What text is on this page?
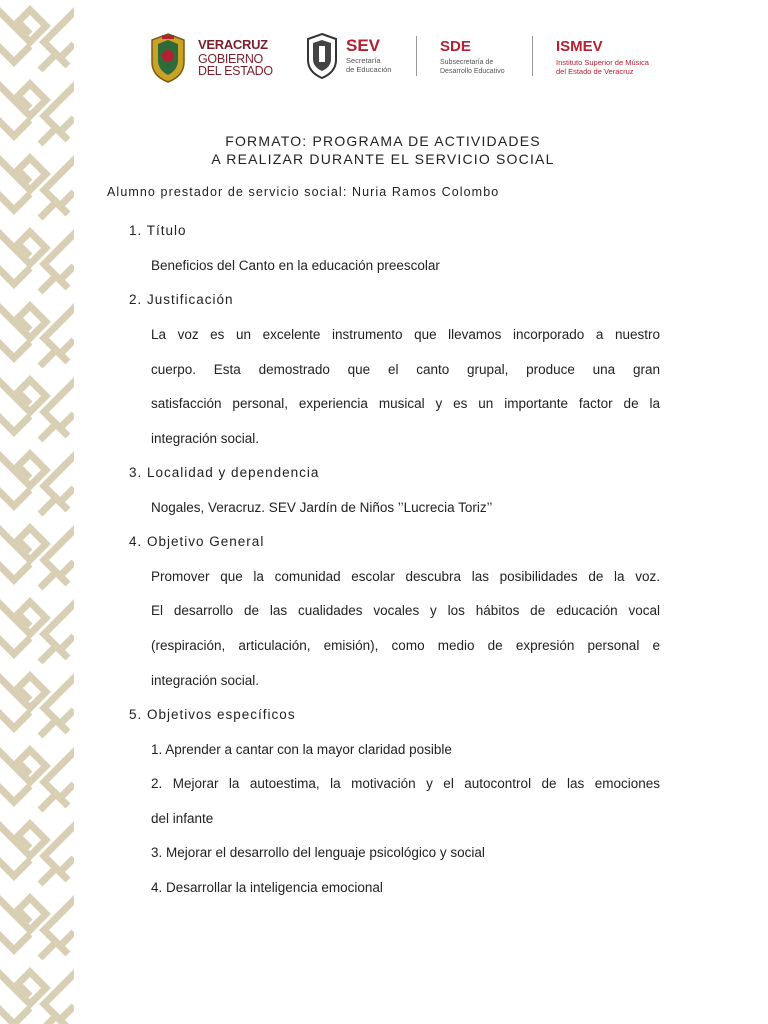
VERACRUZ
GOBIERNO
DEL ESTADO
SEV
Secretaría
de Educación
SDE
Subsecretaría de
Desarrollo Educativo
ISMEV
Instituto Superior de Música
del Estado de Veracruz
FORMATO: PROGRAMA DE ACTIVIDADES
A REALIZAR DURANTE EL SERVICIO SOCIAL
Alumno prestador de servicio social: Nuria Ramos Colombo
1. Título
Beneficios del Canto en la educación preescolar
2. Justificación
La voz es un excelente instrumento que llevamos incorporado a nuestro
cuerpo. Esta demostrado que el canto grupal, produce una gran
satisfacción personal, experiencia musical y es un importante factor de la
integración social.
3. Localidad y dependencia
Nogales, Veracruz. SEV Jardín de Niños ’’Lucrecia Toriz’’
4. Objetivo General
Promover que la comunidad escolar descubra las posibilidades de la voz.
El desarrollo de las cualidades vocales y los hábitos de educación vocal
(respiración, articulación, emisión), como medio de expresión personal e
integración social.
5. Objetivos específicos
1. Aprender a cantar con la mayor claridad posible
2. Mejorar la autoestima, la motivación y el autocontrol de las emociones
del infante
3. Mejorar el desarrollo del lenguaje psicológico y social
4. Desarrollar la inteligencia emocional
